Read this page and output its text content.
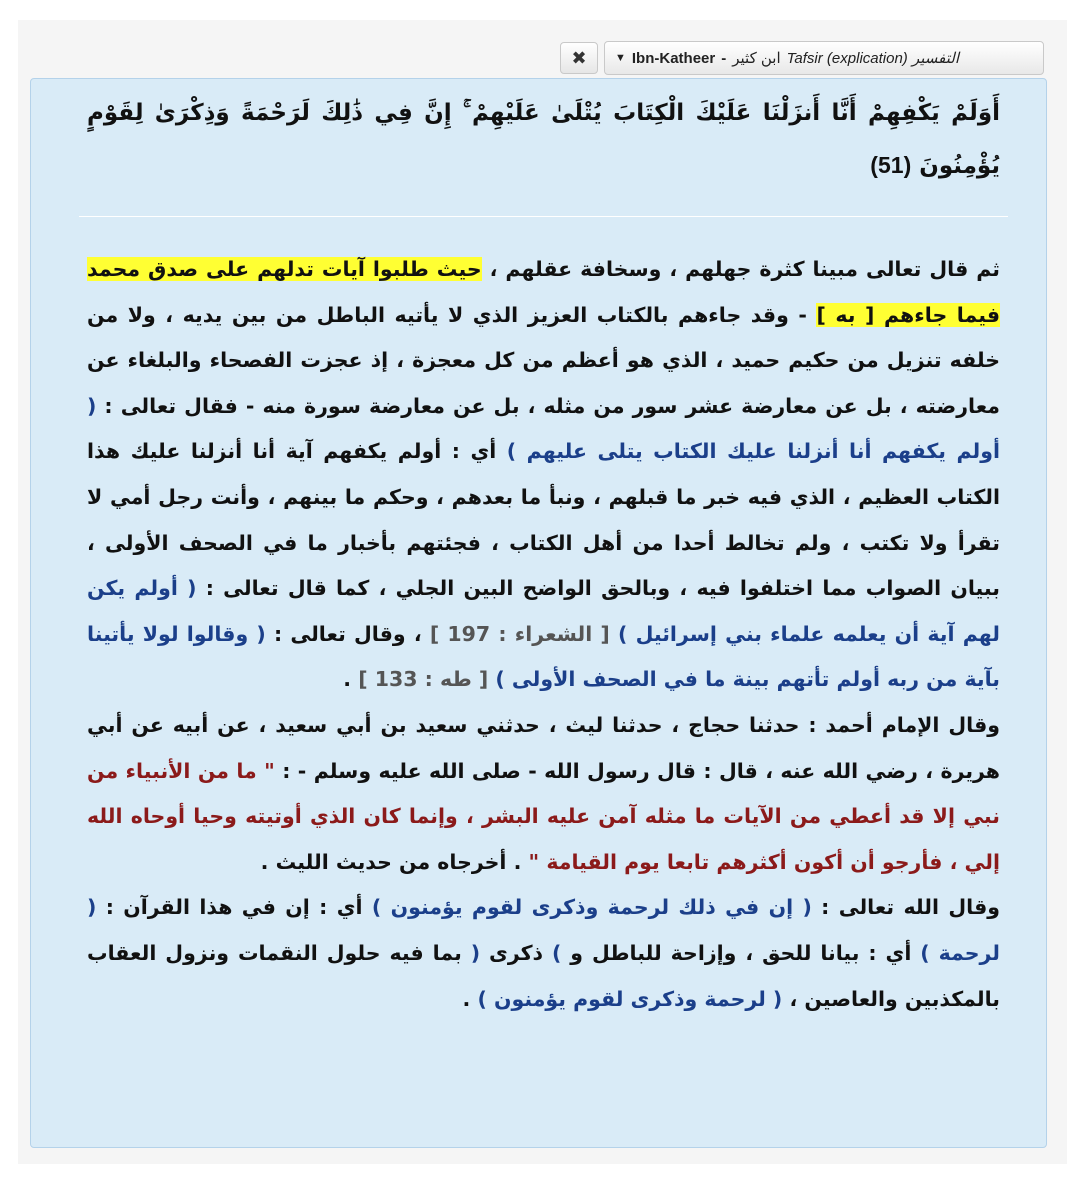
✖	▼ Ibn-Katheer - ابن كثير Tafsir (explication) التفسير

أَوَلَمْ يَكْفِهِمْ أَنَّا أَنزَلْنَا عَلَيْكَ الْكِتَابَ يُتْلَىٰ عَلَيْهِمْ ۚ إِنَّ فِي ذَٰلِكَ لَرَحْمَةً وَذِكْرَىٰ لِقَوْمٍ يُؤْمِنُونَ (51)

ثم قال تعالى مبينا كثرة جهلهم ، وسخافة عقلهم ، حيث طلبوا آيات تدلهم على صدق محمد فيما جاءهم [ به ] - وقد جاءهم بالكتاب العزيز الذي لا يأتيه الباطل من بين يديه ، ولا من خلفه تنزيل من حكيم حميد ، الذي هو أعظم من كل معجزة ، إذ عجزت الفصحاء والبلغاء عن معارضته ، بل عن معارضة عشر سور من مثله ، بل عن معارضة سورة منه - فقال تعالى : ( أولم يكفهم أنا أنزلنا عليك الكتاب يتلى عليهم ) أي : أولم يكفهم آية أنا أنزلنا عليك هذا الكتاب العظيم ، الذي فيه خبر ما قبلهم ، ونبأ ما بعدهم ، وحكم ما بينهم ، وأنت رجل أمي لا تقرأ ولا تكتب ، ولم تخالط أحدا من أهل الكتاب ، فجئتهم بأخبار ما في الصحف الأولى ، ببيان الصواب مما اختلفوا فيه ، وبالحق الواضح البين الجلي ، كما قال تعالى : ( أولم يكن لهم آية أن يعلمه علماء بني إسرائيل ) [ الشعراء : 197 ] ، وقال تعالى : ( وقالوا لولا يأتينا بآية من ربه أولم تأتهم بينة ما في الصحف الأولى ) [ طه : 133 ] .

وقال الإمام أحمد : حدثنا حجاج ، حدثنا ليث ، حدثني سعيد بن أبي سعيد ، عن أبيه عن أبي هريرة ، رضي الله عنه ، قال : قال رسول الله - صلى الله عليه وسلم - : " ما من الأنبياء من نبي إلا قد أعطي من الآيات ما مثله آمن عليه البشر ، وإنما كان الذي أوتيته وحيا أوحاه الله إلي ، فأرجو أن أكون أكثرهم تابعا يوم القيامة " . أخرجاه من حديث الليث .

وقال الله تعالى : ( إن في ذلك لرحمة وذكرى لقوم يؤمنون ) أي : إن في هذا القرآن : ( لرحمة ) أي : بيانا للحق ، وإزاحة للباطل و ) ذكرى ( بما فيه حلول النقمات ونزول العقاب بالمكذبين والعاصين ، ( لرحمة وذكرى لقوم يؤمنون ) .
